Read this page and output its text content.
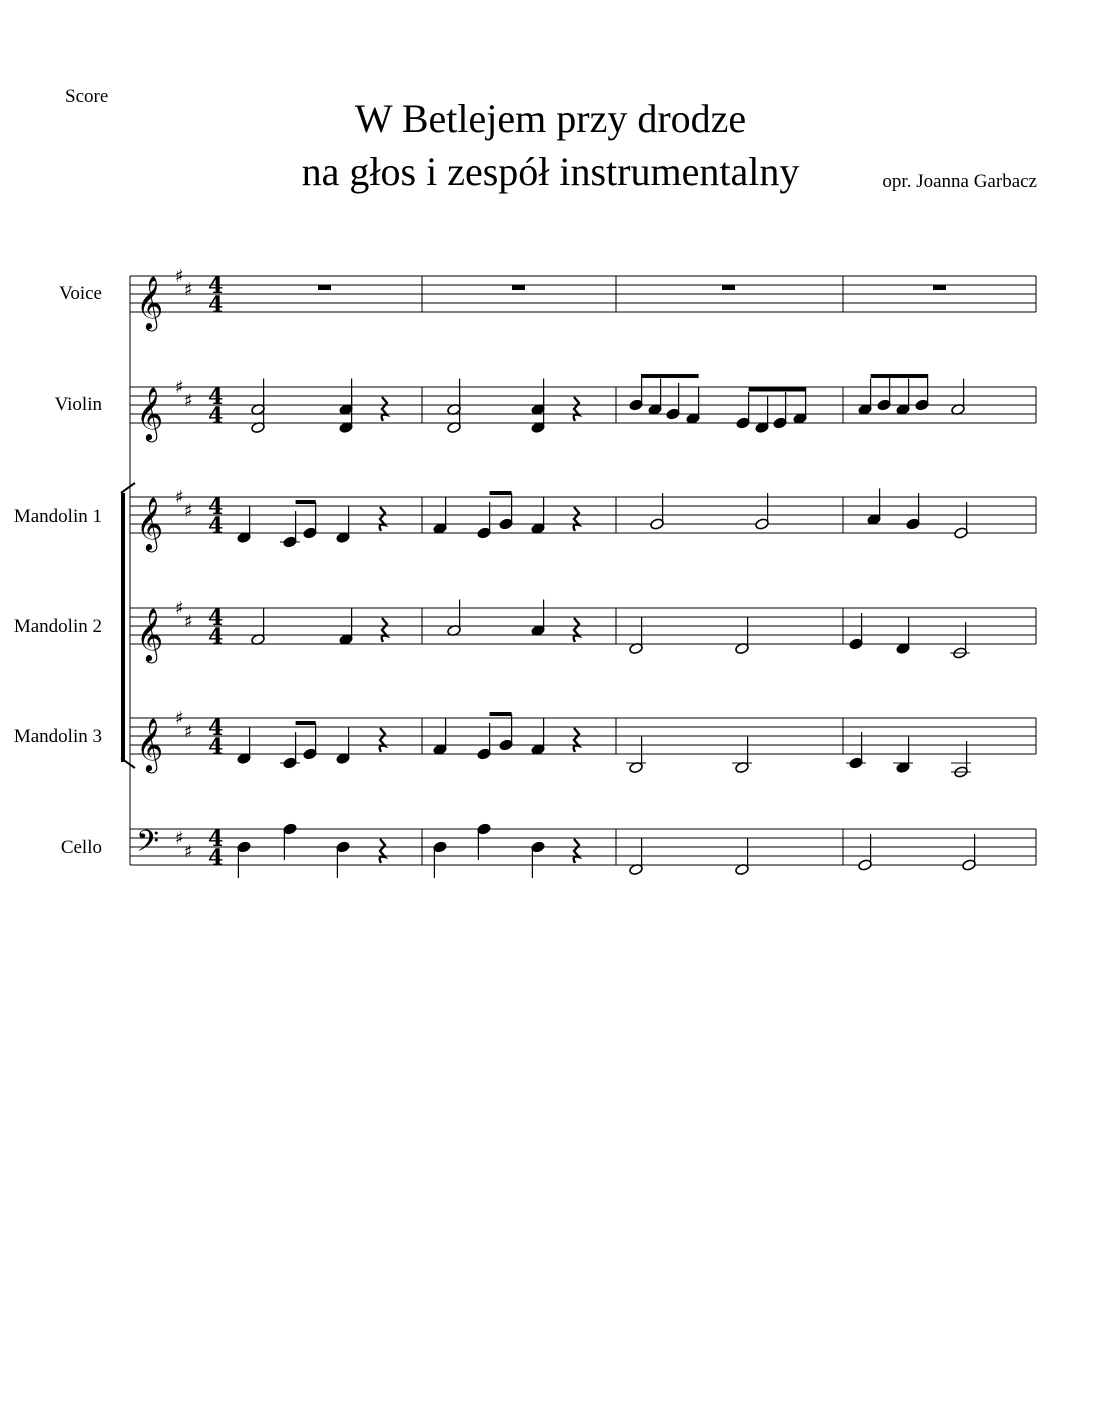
Score	W Betlejem przy drodze
na głos i zespół instrumentalny	opr. Joanna Garbacz
Voice
Violin
Mandolin 1
Mandolin 2
Mandolin 3
Cello
𝄞 ♯
♯ 4
4
𝄞 ♯
♯ 4
4
𝄞 ♯
♯ 4
4
𝄞 ♯
♯ 4
4
𝄞 ♯
♯ 4
4
𝄢 ♯
♯ 4
4
